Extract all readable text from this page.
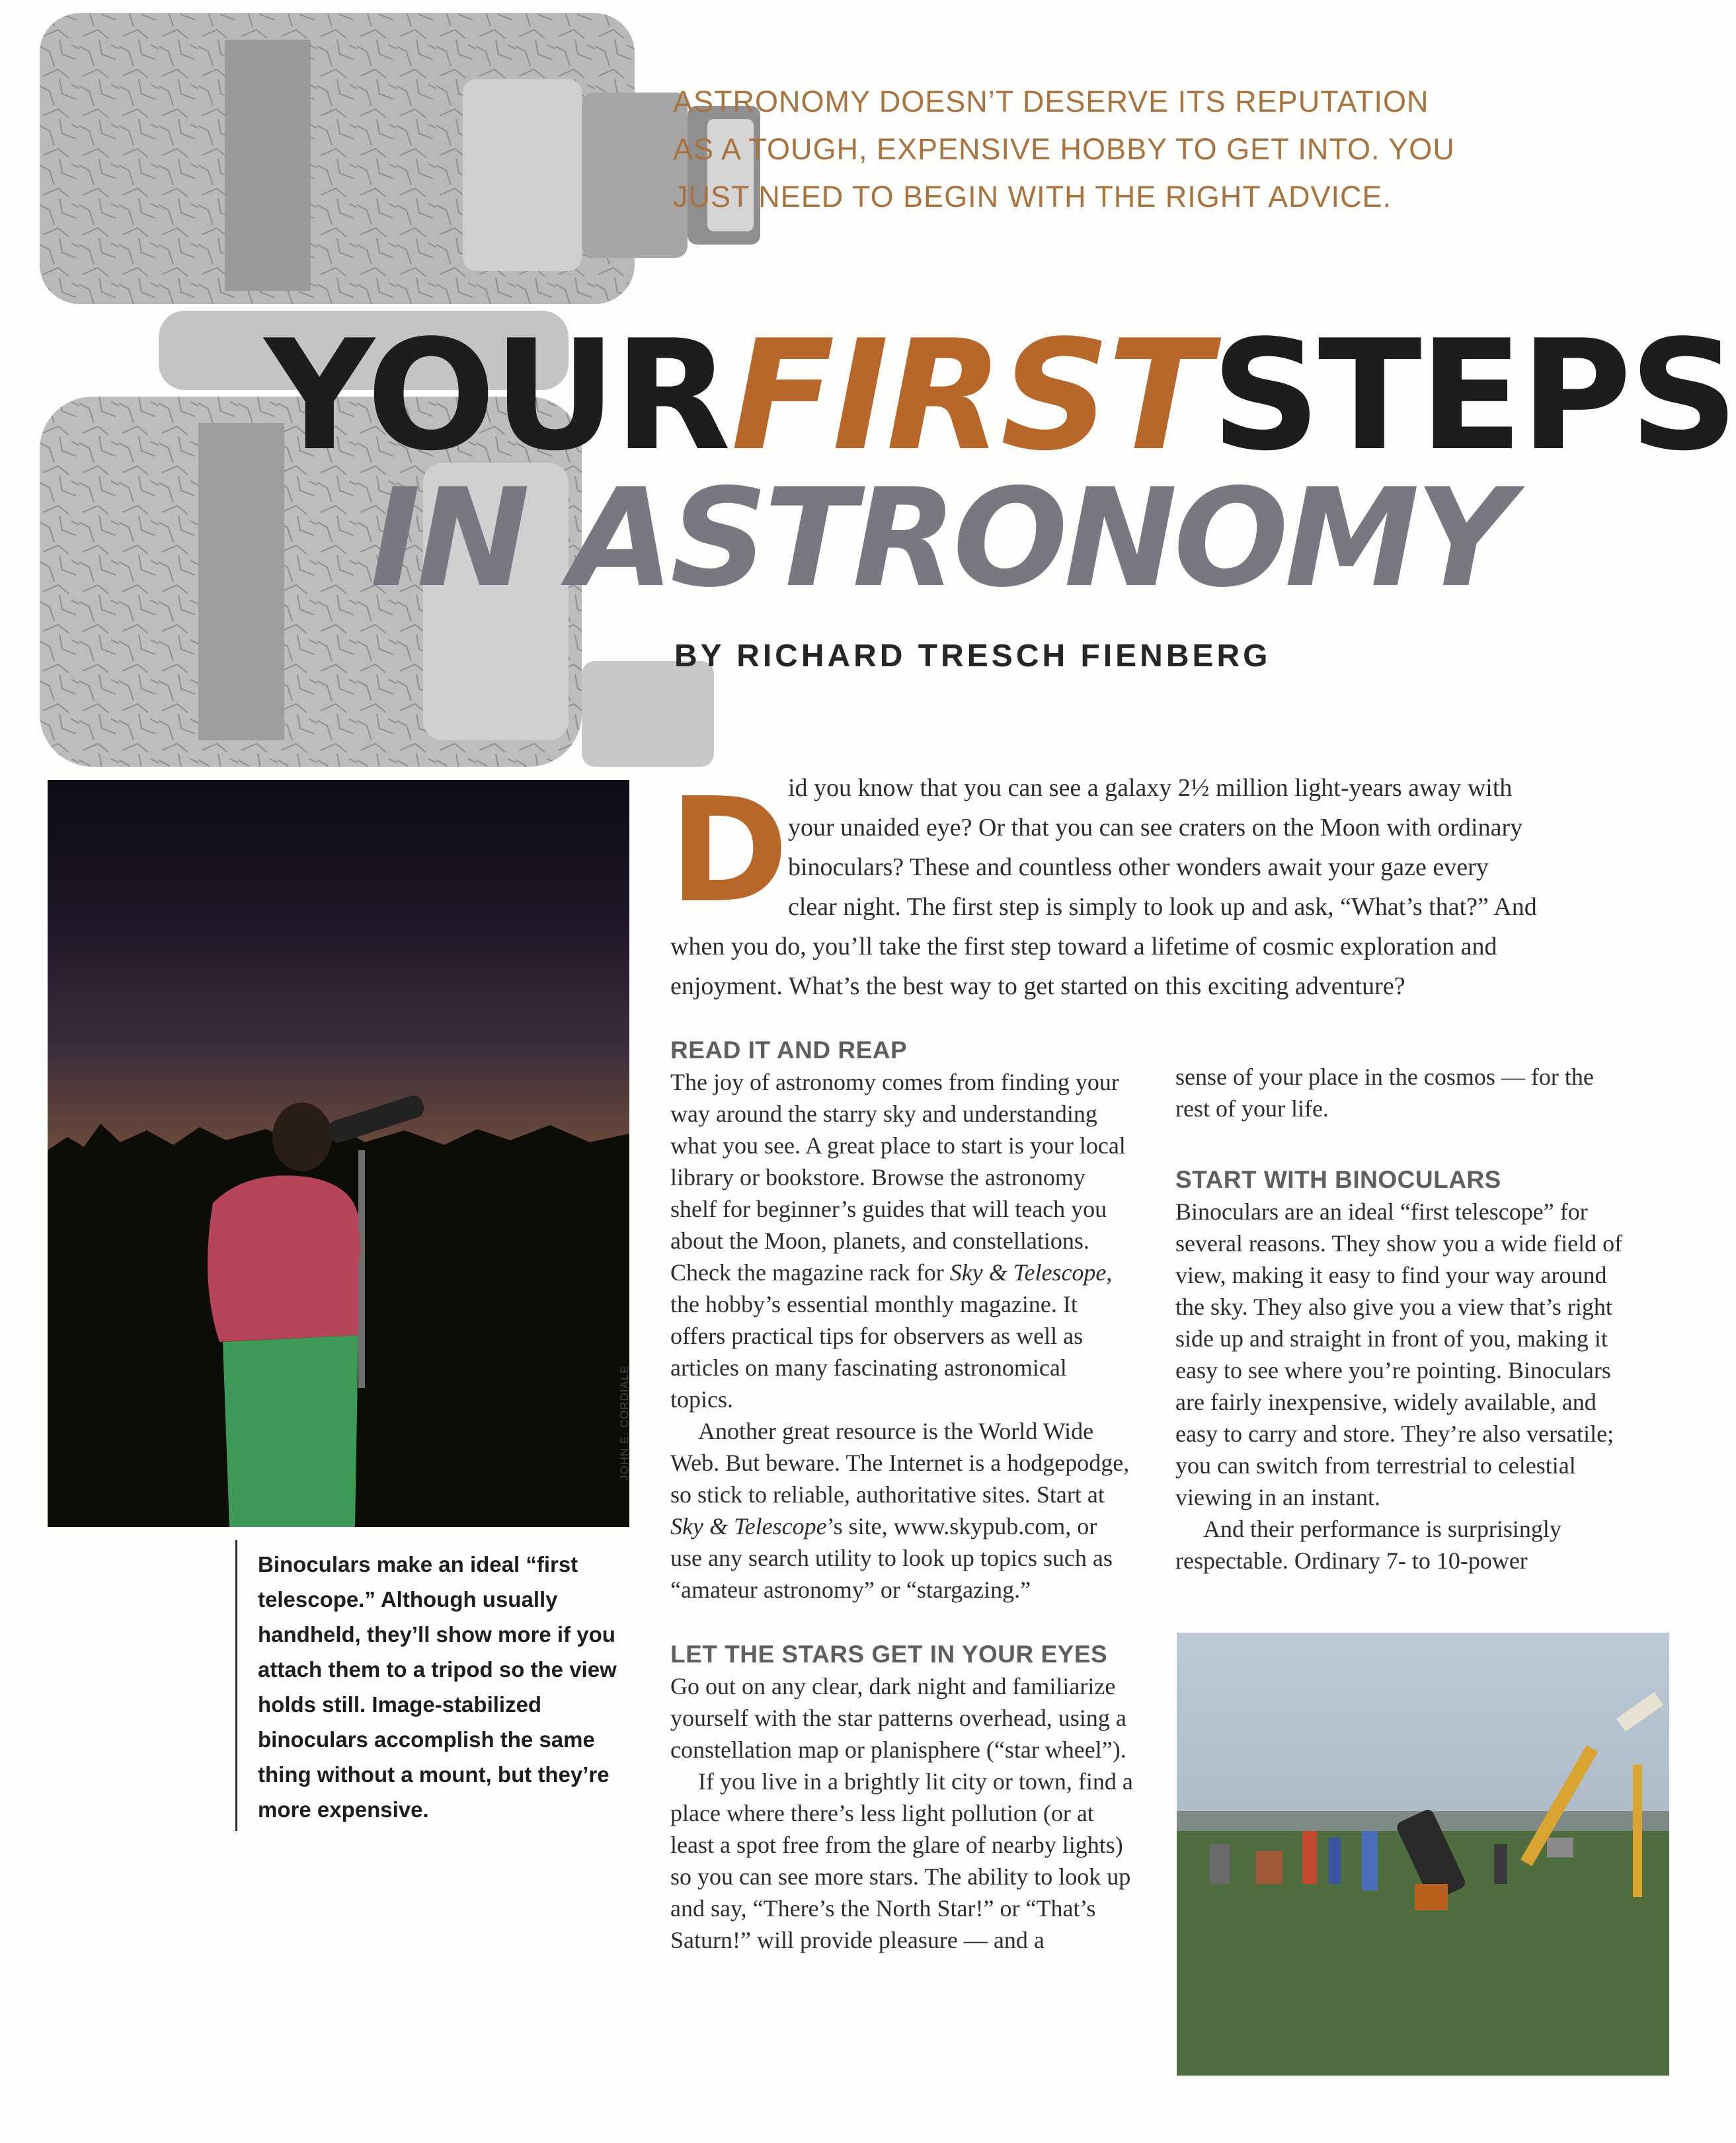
ASTRONOMY DOESN’T DESERVE ITS REPUTATION
AS A TOUGH, EXPENSIVE HOBBY TO GET INTO. YOU
JUST NEED TO BEGIN WITH THE RIGHT ADVICE.

YOURFIRSTSTEPS
IN ASTRONOMY
BY RICHARD TRESCH FIENBERG
JOHN E. CORDIALE

Binoculars make an ideal “first telescope.” Although usually handheld, they’ll show more if you attach them to a tripod so the view holds still. Image-stabilized binoculars accomplish the same thing without a mount, but they’re more expensive.

D id you know that you can see a galaxy 2½ million light-years away with

your unaided eye? Or that you can see craters on the Moon with ordinary

binoculars? These and countless other wonders await your gaze every

clear night. The first step is simply to look up and ask, “What’s that?” And

when you do, you’ll take the first step toward a lifetime of cosmic exploration and

enjoyment. What’s the best way to get started on this exciting adventure?

READ IT AND REAP

The joy of astronomy comes from finding your way around the starry sky and understanding what you see. A great place to start is your local library or bookstore. Browse the astronomy shelf for beginner’s guides that will teach you about the Moon, planets, and constellations. Check the magazine rack for Sky & Telescope, the hobby’s essential monthly magazine. It offers practical tips for observers as well as articles on many fascinating astronomical topics.

Another great resource is the World Wide Web. But beware. The Internet is a hodgepodge, so stick to reliable, authoritative sites. Start at Sky & Telescope’s site, www.skypub.com, or use any search utility to look up topics such as “amateur astronomy” or “stargazing.”

LET THE STARS GET IN YOUR EYES

Go out on any clear, dark night and familiarize yourself with the star patterns overhead, using a constellation map or planisphere (“star wheel”).

If you live in a brightly lit city or town, find a place where there’s less light pollution (or at least a spot free from the glare of nearby lights) so you can see more stars. The ability to look up and say, “There’s the North Star!” or “That’s Saturn!” will provide pleasure — and a

sense of your place in the cosmos — for the rest of your life.

START WITH BINOCULARS

Binoculars are an ideal “first telescope” for several reasons. They show you a wide field of view, making it easy to find your way around the sky. They also give you a view that’s right side up and straight in front of you, making it easy to see where you’re pointing. Binoculars are fairly inexpensive, widely available, and easy to carry and store. They’re also versatile; you can switch from terrestrial to celestial viewing in an instant.

And their performance is surprisingly respectable. Ordinary 7- to 10-power
